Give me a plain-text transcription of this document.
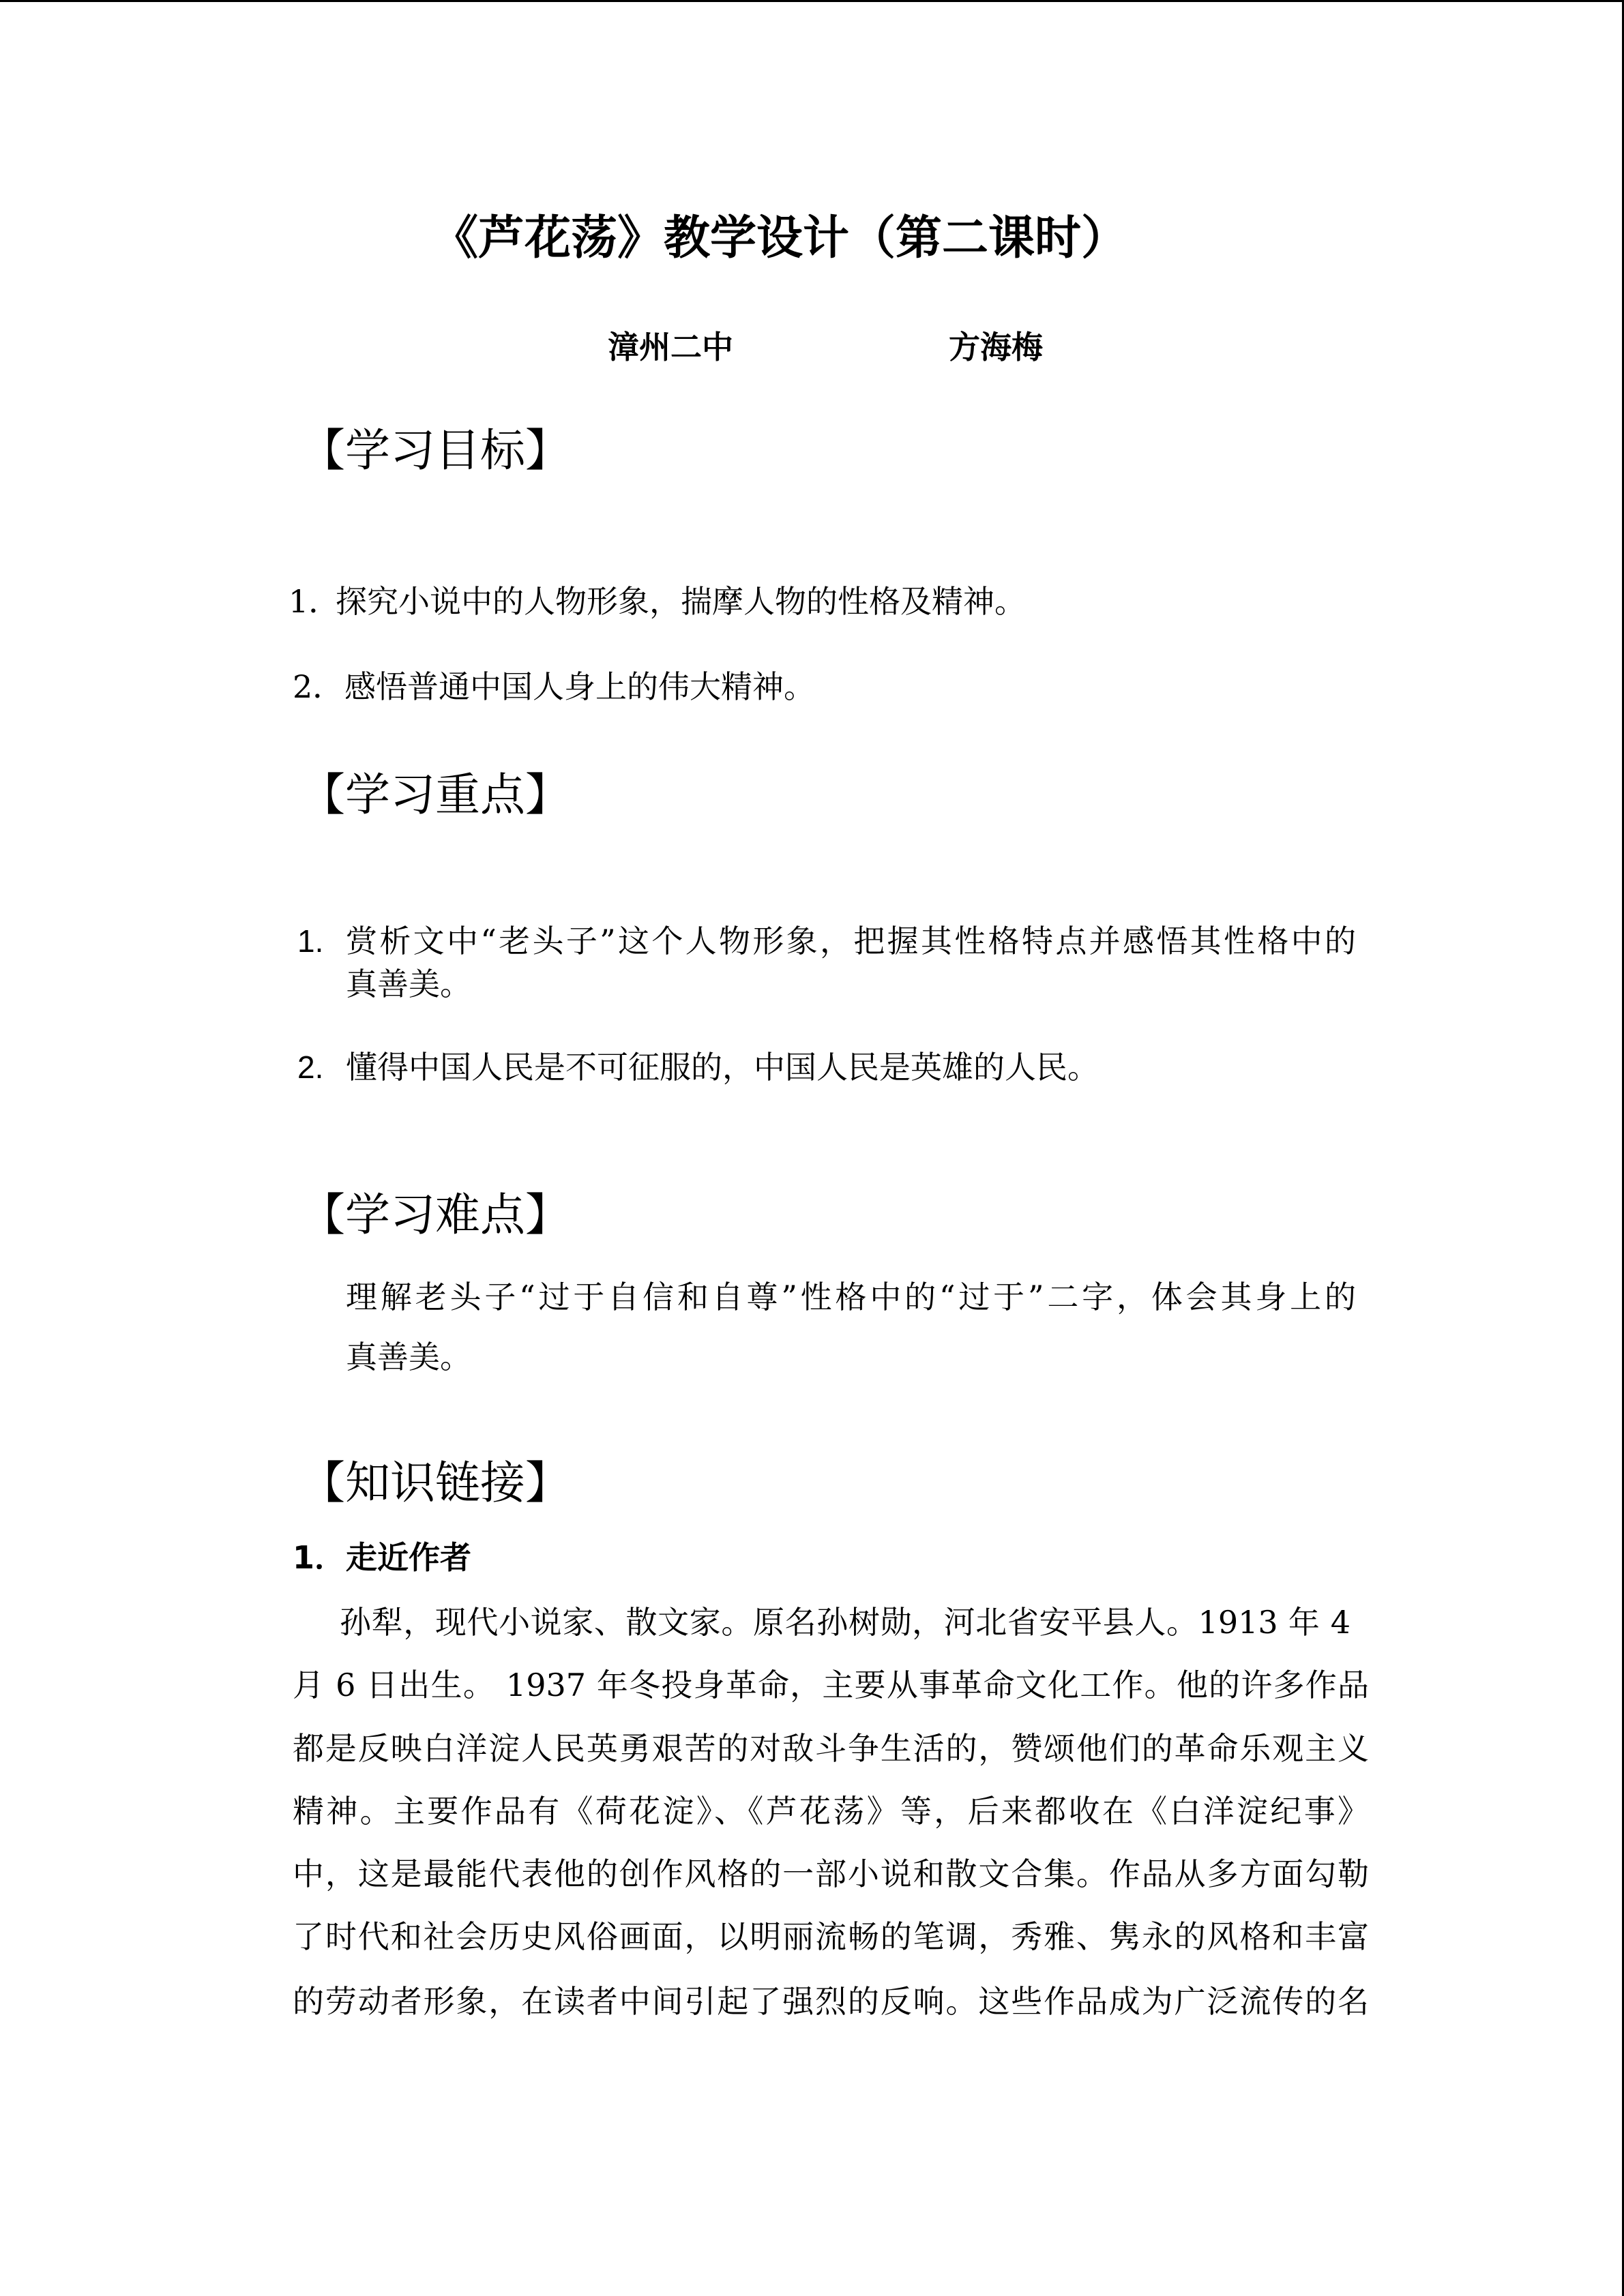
《芦花荡》教学设计（第二课时）
漳州二中	方海梅
【学习目标】
1．
探究小说中的人物形象，揣摩人物的性格及精神。
2． 感悟普通中国人身上的伟大精神。
【学习重点】
1. 赏析文中“老头子”这个人物形象，把握其性格特点并感悟其性格中的
真善美。
2. 懂得中国人民是不可征服的，中国人民是英雄的人民。
【学习难点】
理解老头子“过于自信和自尊”性格中的“过于”二字，体会其身上的
真善美。
【知识链接】
1． 走近作者
孙犁，现代小说家、散文家。原名孙树勋，河北省安平县人。1913 年 4
月 6 日出生。 1937 年冬投身革命，主要从事革命文化工作。他的许多作品
都是反映白洋淀人民英勇艰苦的对敌斗争生活的，赞颂他们的革命乐观主义
精神。主要作品有《荷花淀》、《芦花荡》等，后来都收在《白洋淀纪事》
中，这是最能代表他的创作风格的一部小说和散文合集。作品从多方面勾勒
了时代和社会历史风俗画面，以明丽流畅的笔调，秀雅、隽永的风格和丰富
的劳动者形象，在读者中间引起了强烈的反响。这些作品成为广泛流传的名
